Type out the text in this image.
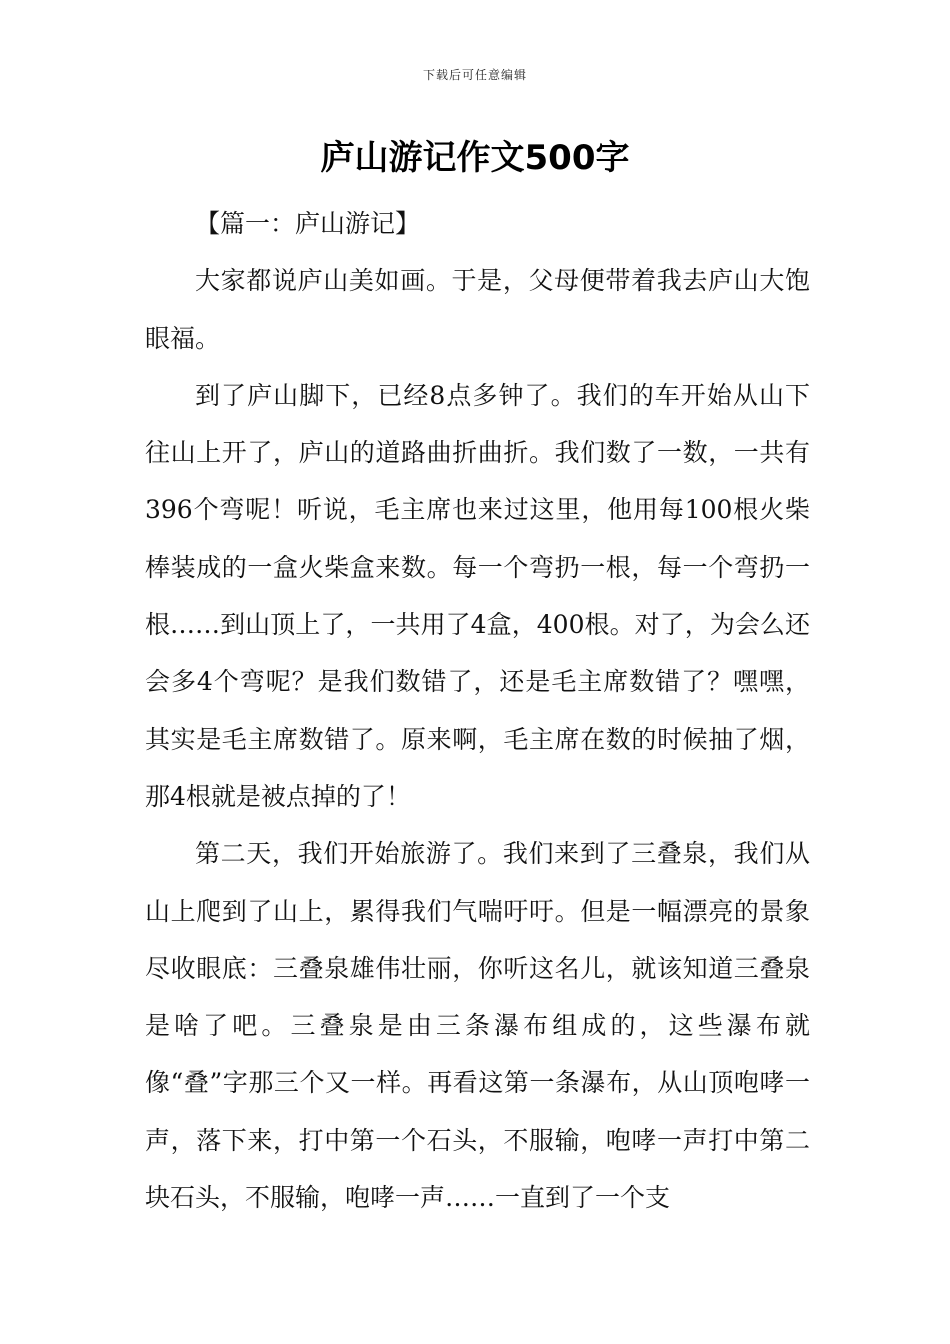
下载后可任意编辑
庐山游记作文500字

【篇一：庐山游记】

大家都说庐山美如画。于是，父母便带着我去庐山大饱眼福。

到了庐山脚下，已经8点多钟了。我们的车开始从山下往山上开了，庐山的道路曲折曲折。我们数了一数，一共有396个弯呢！听说，毛主席也来过这里，他用每100根火柴棒装成的一盒火柴盒来数。每一个弯扔一根，每一个弯扔一根……到山顶上了，一共用了4盒，400根。对了，为会么还会多4个弯呢？是我们数错了，还是毛主席数错了？嘿嘿，其实是毛主席数错了。原来啊，毛主席在数的时候抽了烟，那4根就是被点掉的了！

第二天，我们开始旅游了。我们来到了三叠泉，我们从山上爬到了山上，累得我们气喘吁吁。但是一幅漂亮的景象尽收眼底：三叠泉雄伟壮丽，你听这名儿，就该知道三叠泉是啥了吧。三叠泉是由三条瀑布组成的，这些瀑布就像“叠”字那三个又一样。再看这第一条瀑布，从山顶咆哮一声，落下来，打中第一个石头，不服输，咆哮一声打中第二块石头，不服输，咆哮一声……一直到了一个支
